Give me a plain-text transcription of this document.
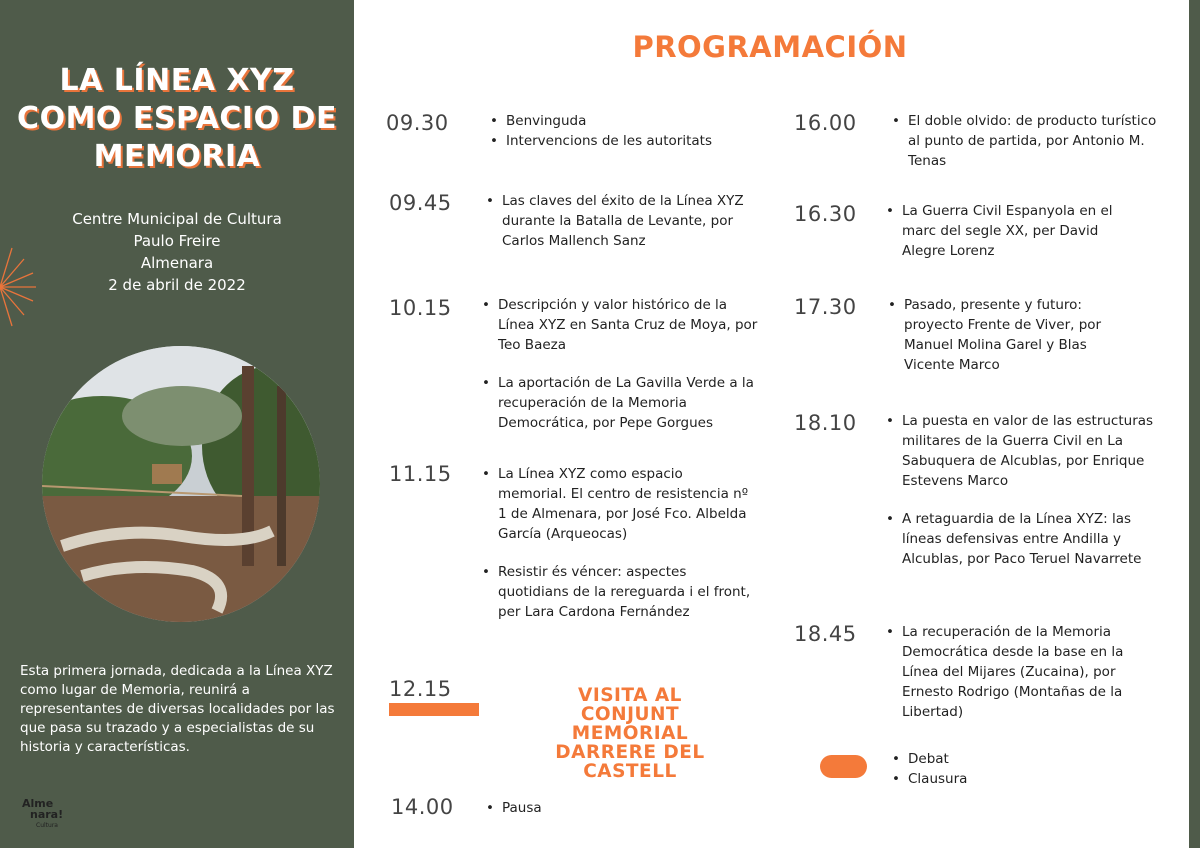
LA LÍNEA XYZ
COMO ESPACIO DE
MEMORIA
Centre Municipal de Cultura
Paulo Freire
Almenara
2 de abril de 2022
Esta primera jornada, dedicada a la Línea XYZ como lugar de Memoria, reunirá a representantes de diversas localidades por las que pasa su trazado y a especialistas de su historia y características.
Alme
nara!
Cultura
PROGRAMACIÓN
09.30	• Benvinguda
• Intervencions de les autoritats
09.45	• Las claves del éxito de la Línea XYZ durante la Batalla de Levante, por Carlos Mallench Sanz
10.15	• Descripción y valor histórico de la Línea XYZ en Santa Cruz de Moya, por Teo Baeza
• La aportación de La Gavilla Verde a la recuperación de la Memoria Democrática, por Pepe Gorgues
11.15	• La Línea XYZ como espacio memorial. El centro de resistencia nº 1 de Almenara, por José Fco. Albelda García (Arqueocas)
• Resistir és véncer: aspectes quotidians de la rereguarda i el front, per Lara Cardona Fernández
12.15	VISITA AL CONJUNT MEMORIAL DARRERE DEL CASTELL
14.00	• Pausa
16.00	• El doble olvido: de producto turístico al punto de partida, por Antonio M. Tenas
16.30	• La Guerra Civil Espanyola en el marc del segle XX, per David Alegre Lorenz
17.30	• Pasado, presente y futuro: proyecto Frente de Viver, por Manuel Molina Garel y Blas Vicente Marco
18.10	• La puesta en valor de las estructuras militares de la Guerra Civil en La Sabuquera de Alcublas, por Enrique Estevens Marco
• A retaguardia de la Línea XYZ: las líneas defensivas entre Andilla y Alcublas, por Paco Teruel Navarrete
18.45	• La recuperación de la Memoria Democrática desde la base en la Línea del Mijares (Zucaina), por Ernesto Rodrigo (Montañas de la Libertad)
• Debat
• Clausura
